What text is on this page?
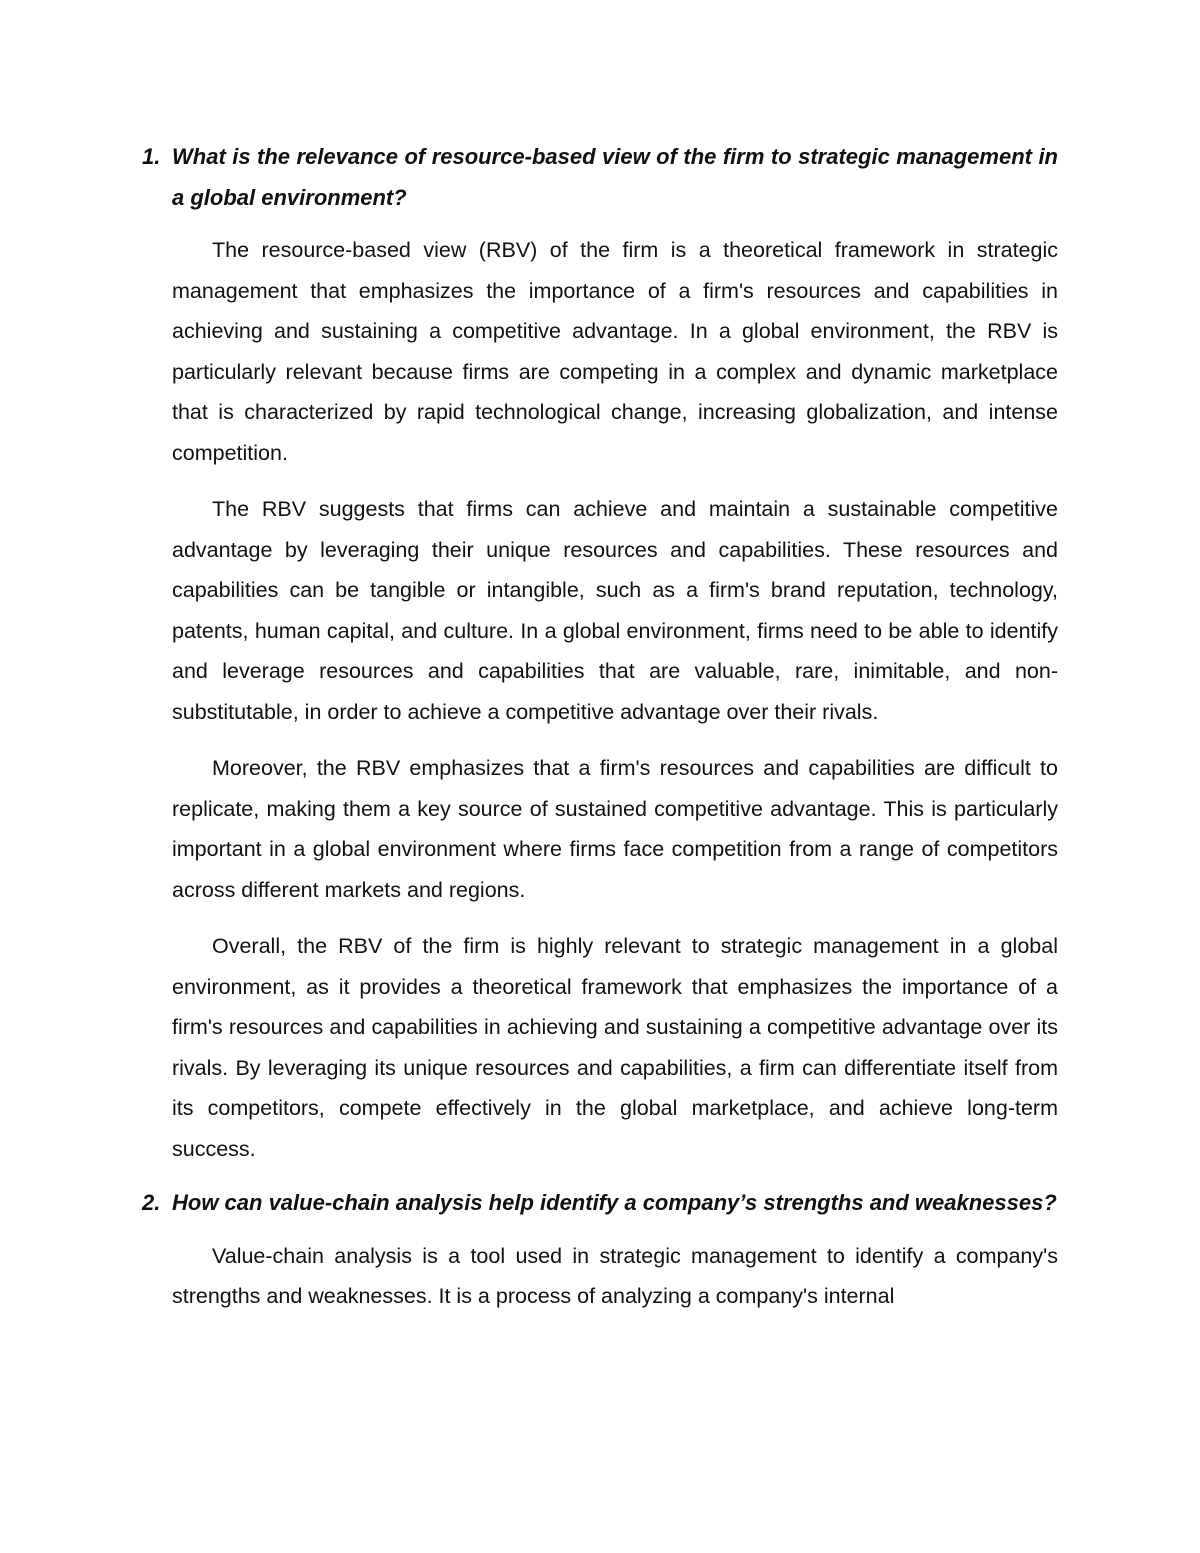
1. What is the relevance of resource-based view of the firm to strategic management in a global environment?

The resource-based view (RBV) of the firm is a theoretical framework in strategic management that emphasizes the importance of a firm's resources and capabilities in achieving and sustaining a competitive advantage. In a global environment, the RBV is particularly relevant because firms are competing in a complex and dynamic marketplace that is characterized by rapid technological change, increasing globalization, and intense competition.

The RBV suggests that firms can achieve and maintain a sustainable competitive advantage by leveraging their unique resources and capabilities. These resources and capabilities can be tangible or intangible, such as a firm's brand reputation, technology, patents, human capital, and culture. In a global environment, firms need to be able to identify and leverage resources and capabilities that are valuable, rare, inimitable, and non-substitutable, in order to achieve a competitive advantage over their rivals.

Moreover, the RBV emphasizes that a firm's resources and capabilities are difficult to replicate, making them a key source of sustained competitive advantage. This is particularly important in a global environment where firms face competition from a range of competitors across different markets and regions.

Overall, the RBV of the firm is highly relevant to strategic management in a global environment, as it provides a theoretical framework that emphasizes the importance of a firm's resources and capabilities in achieving and sustaining a competitive advantage over its rivals. By leveraging its unique resources and capabilities, a firm can differentiate itself from its competitors, compete effectively in the global marketplace, and achieve long-term success.

2. How can value-chain analysis help identify a company’s strengths and weaknesses?

Value-chain analysis is a tool used in strategic management to identify a company's strengths and weaknesses. It is a process of analyzing a company's internal
